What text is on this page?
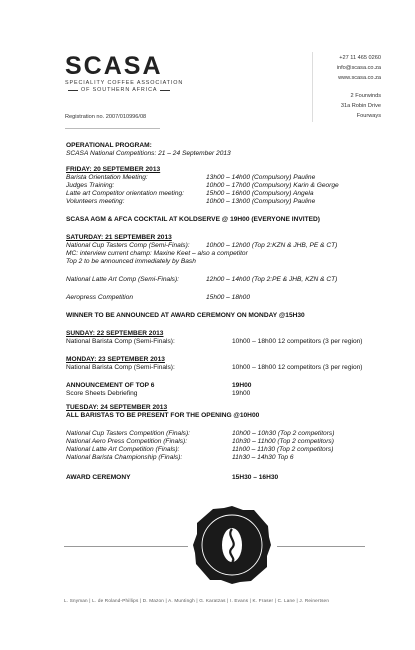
SCASA
SPECIALITY COFFEE ASSOCIATION
OF SOUTHERN AFRICA
+27 11 465 0260
info@scasa.co.za
www.scasa.co.za
2 Fourwinds
31a Robin Drive
Fourways
Registration no. 2007/010996/08
OPERATIONAL PROGRAM:
SCASA National Competitions: 21 – 24 September 2013
FRIDAY: 20 SEPTEMBER 2013
Barista Orientation Meeting:	13h00 – 14h00 (Compulsory) Pauline
Judges Training:	10h00 – 17h00 (Compulsory) Karin & George
Latte art Competitor orientation meeting:	15h00 – 16h00 (Compulsory) Angela
Volunteers meeting:	10h00 – 13h00 (Compulsory) Pauline
SCASA AGM & AFCA COCKTAIL AT KOLDSERVE @ 19H00 (EVERYONE INVITED)
SATURDAY: 21 SEPTEMBER 2013
National Cup Tasters Comp (Semi-Finals): 10h00 – 12h00 (Top 2:KZN & JHB, PE & CT)
MC: interview current champ: Maxine Keet – also a competitor
Top 2 to be announced immediately by Bash
National Latte Art Comp (Semi-Finals):	12h00 – 14h00 (Top 2:PE & JHB, KZN & CT)
Aeropress Competition	15h00 – 18h00
WINNER TO BE ANNOUNCED AT AWARD CEREMONY ON MONDAY @15H30
SUNDAY: 22 SEPTEMBER 2013
National Barista Comp (Semi-Finals):	10h00 – 18h00 12 competitors (3 per region)
MONDAY: 23 SEPTEMBER 2013
National Barista Comp (Semi-Finals):	10h00 – 18h00 12 competitors (3 per region)
ANNOUNCEMENT OF TOP 6	19H00
Score Sheets Debriefing	19h00
TUESDAY: 24 SEPTEMBER 2013
ALL BARISTAS TO BE PRESENT FOR THE OPENING @10H00
National Cup Tasters Competition (Finals):	10h00 – 10h30 (Top 2 competitors)
National Aero Press Competition (Finals):	10h30 – 11h00 (Top 2 competitors)
National Latte Art Competition (Finals):	11h00 – 11h30 (Top 2 competitors)
National Barista Championship (Finals):	11h30 – 14h30 Top 6
AWARD CEREMONY	15H30 – 16H30
L. Snyman | L. de Roland-Phillips | D. Mazon | A. Muntingh | G. Karatzas | I. Evans | K. Fraser | C. Lane | J. Reinertsen
